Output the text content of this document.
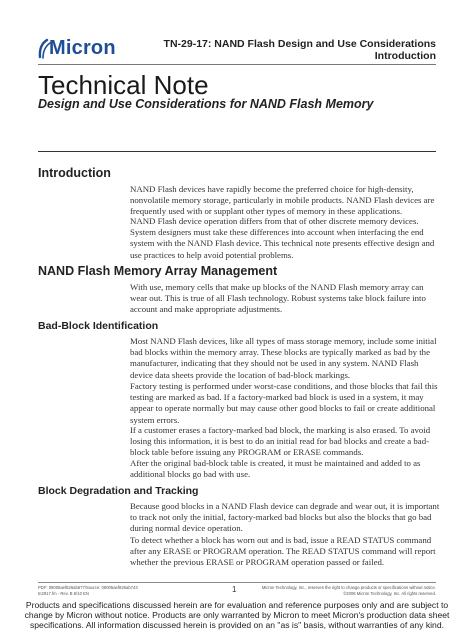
Micron	TN-29-17: NAND Flash Design and Use Considerations
Introduction
Technical Note
Design and Use Considerations for NAND Flash Memory
Introduction

NAND Flash devices have rapidly become the preferred choice for high-density, nonvolatile memory storage, particularly in mobile products. NAND Flash devices are frequently used with or supplant other types of memory in these applications.

NAND Flash device operation differs from that of other discrete memory devices. System designers must take these differences into account when interfacing the end system with the NAND Flash device. This technical note presents effective design and use practices to help avoid potential problems.

NAND Flash Memory Array Management

With use, memory cells that make up blocks of the NAND Flash memory array can wear out. This is true of all Flash technology. Robust systems take block failure into account and make appropriate adjustments.

Bad-Block Identification

Most NAND Flash devices, like all types of mass storage memory, include some initial bad blocks within the memory array. These blocks are typically marked as bad by the manufacturer, indicating that they should not be used in any system. NAND Flash device data sheets provide the location of bad-block markings.

Factory testing is performed under worst-case conditions, and those blocks that fail this testing are marked as bad. If a factory-marked bad block is used in a system, it may appear to operate normally but may cause other good blocks to fail or create additional system errors.

If a customer erases a factory-marked bad block, the marking is also erased. To avoid losing this information, it is best to do an initial read for bad blocks and create a bad-block table before issuing any PROGRAM or ERASE commands.

After the original bad-block table is created, it must be maintained and added to as additional blocks go bad with use.

Block Degradation and Tracking

Because good blocks in a NAND Flash device can degrade and wear out, it is important to track not only the initial, factory-marked bad blocks but also the blocks that go bad during normal device operation.

To detect whether a block has worn out and is bad, issue a READ STATUS command after any ERASE or PROGRAM operation. The READ STATUS command will report whether the previous ERASE or PROGRAM operation passed or failed.

PDF: 09005aef826ab677/Source: 09005aef826ab743
tn2917.fm - Rev. B 6/10 EN	1	Micron Technology, Inc., reserves the right to change products or specifications without notice.
©2006 Micron Technology, Inc. All rights reserved.
Products and specifications discussed herein are for evaluation and reference purposes only and are subject to change by Micron without notice. Products are only warranted by Micron to meet Micron's production data sheet specifications. All information discussed herein is provided on an "as is" basis, without warranties of any kind.
